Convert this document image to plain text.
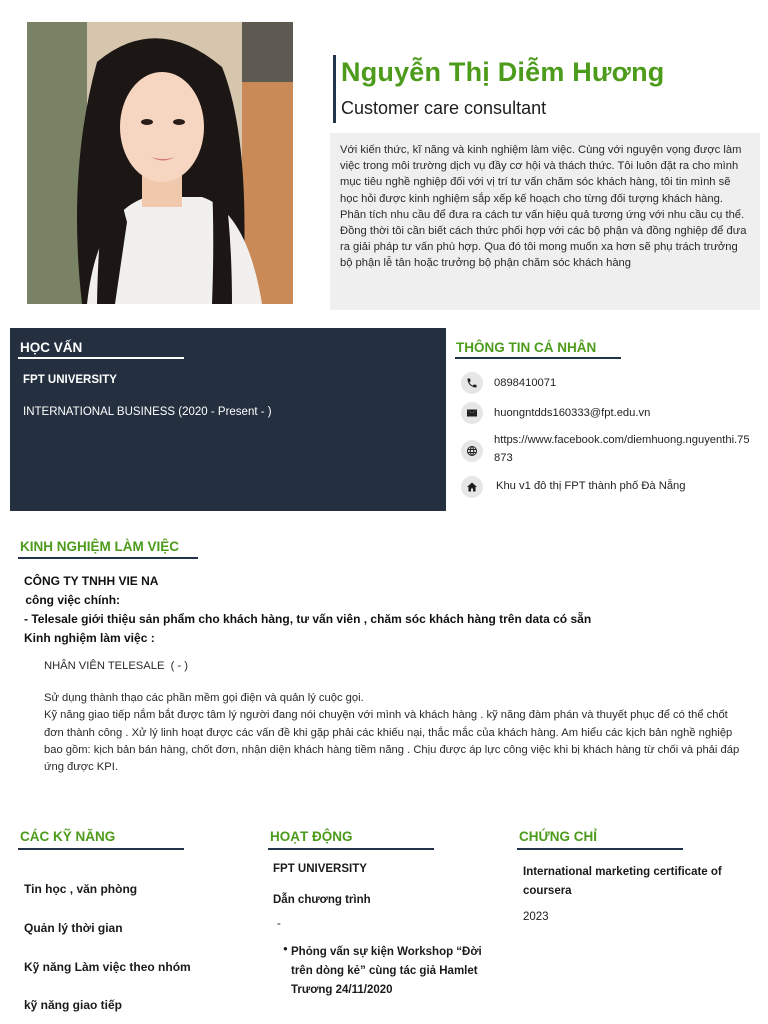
Nguyễn Thị Diễm Hương
Customer care consultant
Với kiến thức, kĩ năng và kinh nghiệm làm việc. Cùng với nguyện vọng được làm việc trong môi trường dịch vụ đầy cơ hội và thách thức. Tôi luôn đặt ra cho mình mục tiêu nghề nghiệp đối với vị trí tư vấn chăm sóc khách hàng, tôi tin mình sẽ học hỏi được kinh nghiệm sắp xếp kế hoạch cho từng đối tượng khách hàng. Phân tích nhu cầu để đưa ra cách tư vấn hiệu quả tương ứng với nhu cầu cụ thể. Đồng thời tôi cần biết cách thức phối hợp với các bộ phận và đồng nghiệp để đưa ra giải pháp tư vấn phù hợp. Qua đó tôi mong muốn xa hơn sẽ phụ trách trưởng bộ phận lễ tân hoặc trưởng bộ phận chăm sóc khách hàng
HỌC VẤN
FPT UNIVERSITY
INTERNATIONAL BUSINESS (2020 - Present - )
THÔNG TIN CÁ NHÂN
0898410071
huongntdds160333@fpt.edu.vn
https://www.facebook.com/diemhuong.nguyenthi.75873
Khu v1 đô thị FPT thành phố Đà Nẵng
KINH NGHIỆM LÀM VIỆC
CÔNG TY TNHH VIE NA
công việc chính:
- Telesale giới thiệu sản phẩm cho khách hàng, tư vấn viên , chăm sóc khách hàng trên data có sẵn
Kinh nghiệm làm việc :
NHÂN VIÊN TELESALE  ( - )
Sử dụng thành thạo các phần mềm gọi điện và quản lý cuộc gọi.
Kỹ năng giao tiếp nắm bắt được tâm lý người đang nói chuyện với mình và khách hàng . kỹ năng đàm phán và thuyết phục để có thể chốt đơn thành công . Xử lý linh hoạt được các vấn đề khi gặp phải các khiếu nại, thắc mắc của khách hàng. Am hiểu các kịch bản nghề nghiệp bao gồm: kịch bản bán hàng, chốt đơn, nhận diện khách hàng tiềm năng . Chịu được áp lực công việc khi bị khách hàng từ chối và phải đáp ứng được KPI.
CÁC KỸ NĂNG
Tin học , văn phòng
Quản lý thời gian
Kỹ năng Làm việc theo nhóm
kỹ năng giao tiếp
HOẠT ĐỘNG
FPT UNIVERSITY
Dẫn chương trình
-
● Phỏng vấn sự kiện Workshop “Đời trên dòng kẻ” cùng tác giả Hamlet Trương 24/11/2020
CHỨNG CHỈ
International marketing certificate of coursera
2023
